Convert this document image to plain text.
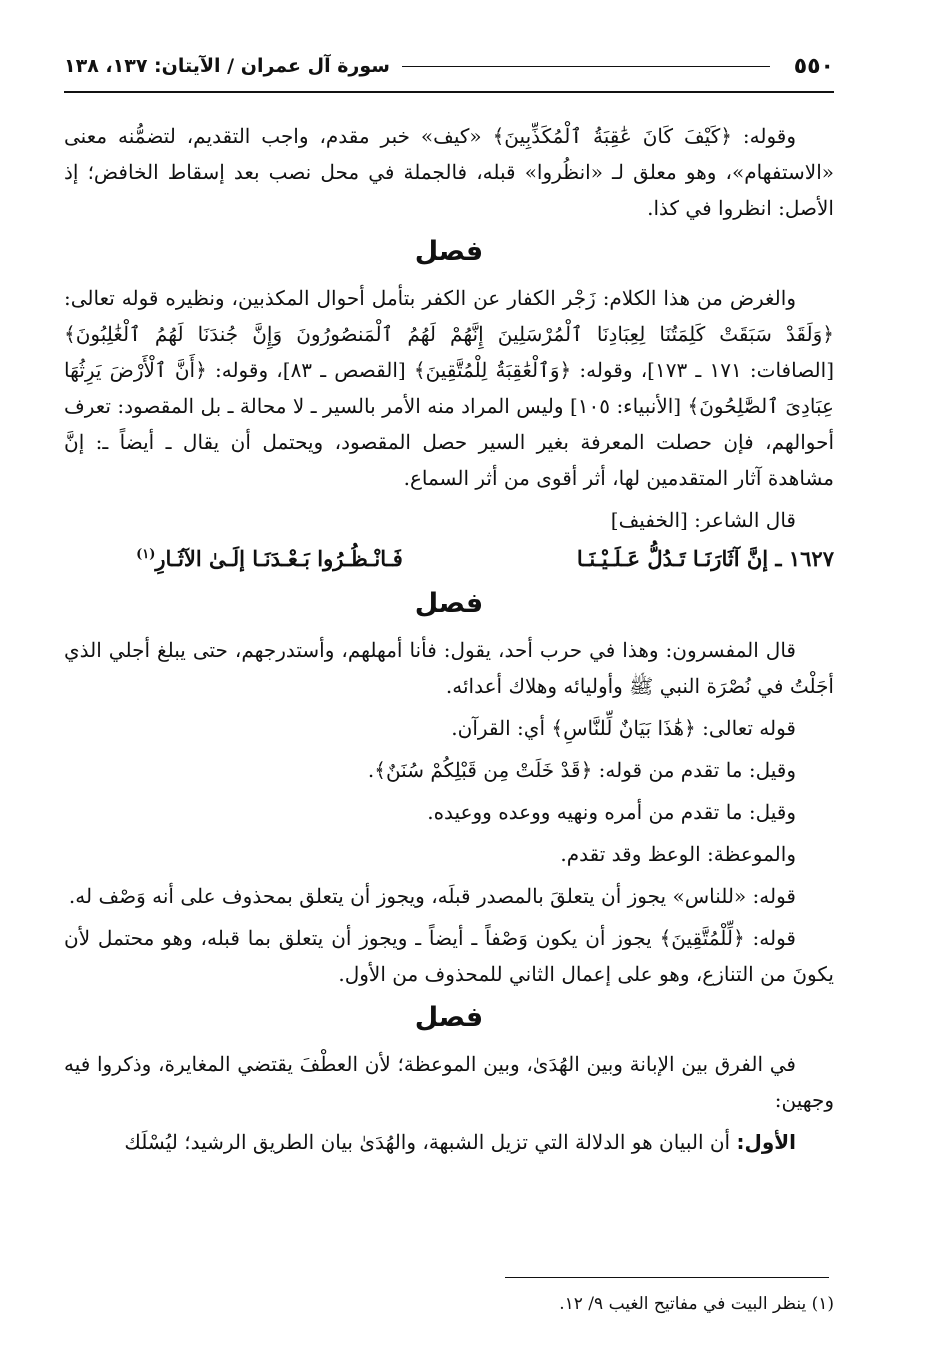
٥٥٠
سورة آل عمران / الآيتان: ١٣٧، ١٣٨

وقوله: ﴿كَيْفَ كَانَ عَٰقِبَةُ ٱلْمُكَذِّبِينَ﴾ «كيف» خبر مقدم، واجب التقديم، لتضمُّنه معنى «الاستفهام»، وهو معلق لـ «انظُروا» قبله، فالجملة في محل نصب بعد إسقاط الخافض؛ إذ الأصل: انظروا في كذا.

فصل

والغرض من هذا الكلام: زَجْر الكفار عن الكفر بتأمل أحوال المكذبين، ونظيره قوله تعالى: ﴿وَلَقَدْ سَبَقَتْ كَلِمَتُنَا لِعِبَادِنَا ٱلْمُرْسَلِينَ إِنَّهُمْ لَهُمُ ٱلْمَنصُورُونَ وَإِنَّ جُندَنَا لَهُمُ ٱلْغَٰلِبُونَ﴾ [الصافات: ١٧١ ـ ١٧٣]، وقوله: ﴿وَٱلْعَٰقِبَةُ لِلْمُتَّقِينَ﴾ [القصص ـ ٨٣]، وقوله: ﴿أَنَّ ٱلْأَرْضَ يَرِثُهَا عِبَادِىَ ٱلصَّٰلِحُونَ﴾ [الأنبياء: ١٠٥] وليس المراد منه الأمر بالسير ـ لا محالة ـ بل المقصود: تعرف أحوالهم، فإن حصلت المعرفة بغير السير حصل المقصود، ويحتمل أن يقال ـ أيضاً ـ: إنَّ مشاهدة آثار المتقدمين لها، أثر أقوى من أثر السماع.

قال الشاعر: [الخفيف]

١٦٢٧ ـ إنَّ آثَارَنَـا تَـدُلُّ عَـلَـيْـنَـا
فَـانْـظُـرُوا بَـعْـدَنَـا إلَـىٰ الآثَـارِ$^{(١)}$
فصل

قال المفسرون: وهذا في حرب أحد، يقول: فأنا أمهلهم، وأستدرجهم، حتى يبلغ أجلي الذي أجَلْتُ في نُصْرَة النبي ﷺ وأوليائه وهلاك أعدائه.

قوله تعالى: ﴿هَٰذَا بَيَانٌ لِّلنَّاسِ﴾ أي: القرآن.

وقيل: ما تقدم من قوله: ﴿قَدْ خَلَتْ مِن قَبْلِكُمْ سُنَنٌ﴾.

وقيل: ما تقدم من أمره ونهيه ووعده ووعيده.

والموعظة: الوعظ وقد تقدم.

قوله: «للناس» يجوز أن يتعلقَ بالمصدر قبلَه، ويجوز أن يتعلق بمحذوف على أنه وَصْف له.

قوله: ﴿لِّلْمُتَّقِينَ﴾ يجوز أن يكون وَصْفاً ـ أيضاً ـ ويجوز أن يتعلق بما قبله، وهو محتمل لأن يكونَ من التنازع، وهو على إعمال الثاني للمحذوف من الأول.

فصل

في الفرق بين الإبانة وبين الهُدَىٰ، وبين الموعظة؛ لأن العطْفَ يقتضي المغايرة، وذكروا فيه وجهين:

الأول: أن البيان هو الدلالة التي تزيل الشبهة، والهُدَىٰ بيان الطريق الرشيد؛ ليُسْلَك

(١) ينظر البيت في مفاتيح الغيب ٩/ ١٢.
